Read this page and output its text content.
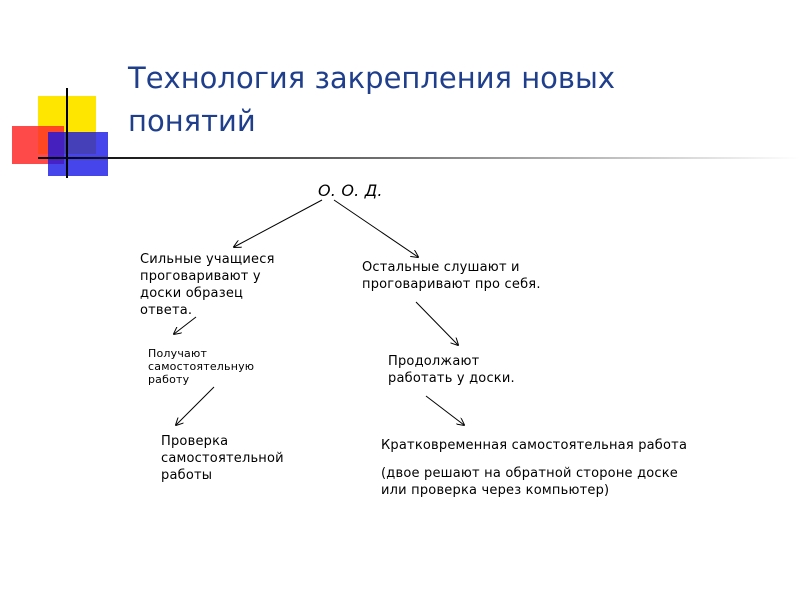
Технология закрепления новых понятий
О. О. Д.
Сильные учащиеся проговаривают у доски образец ответа.
Остальные слушают и проговаривают про себя.
Получают самостоятельную работу
Продолжают работать у доски.
Проверка самостоятельной работы
Кратковременная самостоятельная работа
(двое решают на обратной стороне доске или проверка через компьютер)
